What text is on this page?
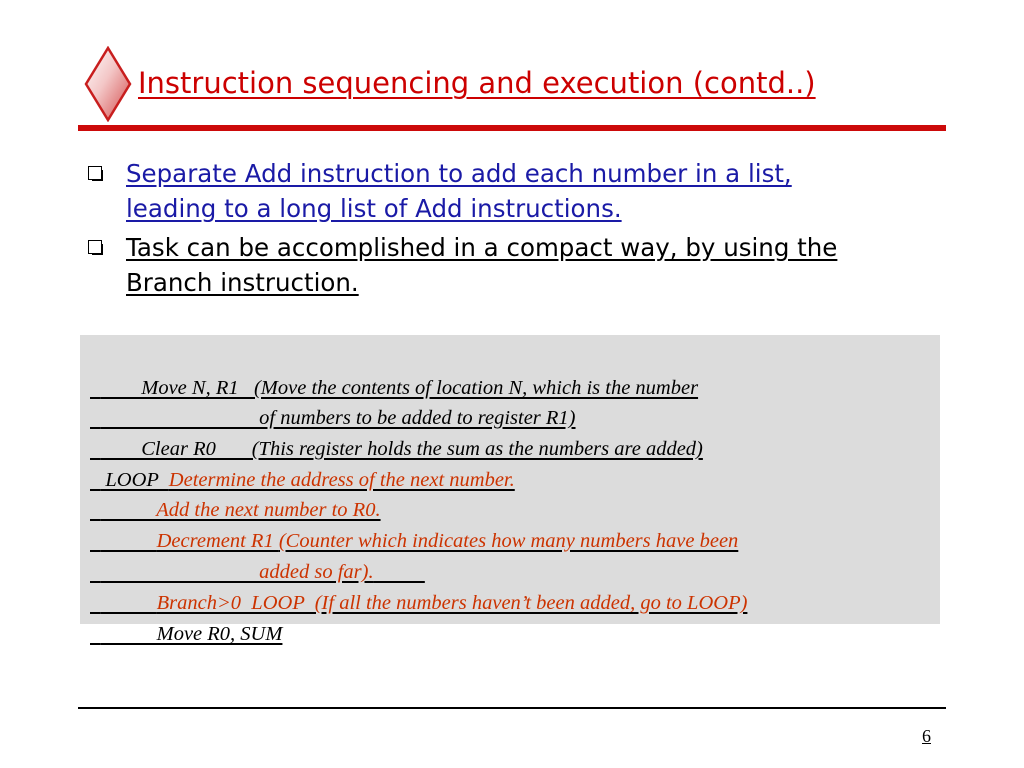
Instruction sequencing and execution (contd..)
Separate Add instruction to add each number in a list, leading to a long list of Add instructions.
Task can be accomplished in a compact way, by using the Branch instruction.

Move N, R1   (Move the contents of location N, which is the number

of numbers to be added to register R1)

Clear R0       (This register holds the sum as the numbers are added)

LOOP  Determine the address of the next number.

Add the next number to R0.

Decrement R1 (Counter which indicates how many numbers have been

added so far).

Branch>0  LOOP  (If all the numbers haven’t been added, go to LOOP)

Move R0, SUM

6
